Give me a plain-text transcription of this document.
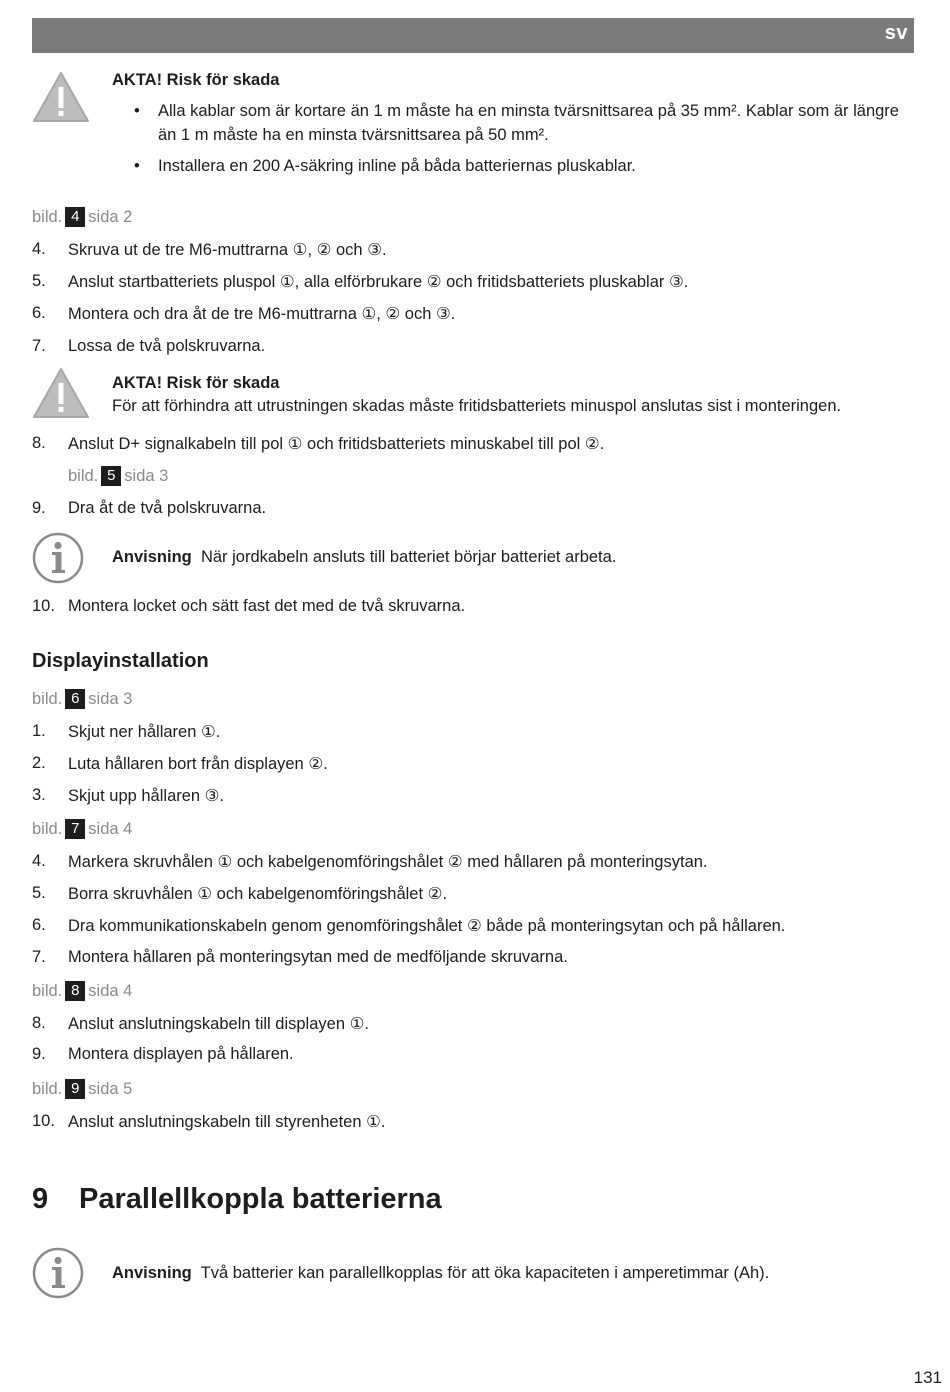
sv
AKTA! Risk för skada
• Alla kablar som är kortare än 1 m måste ha en minsta tvärsnittsarea på 35 mm². Kablar som är längre än 1 m måste ha en minsta tvärsnittsarea på 50 mm².
• Installera en 200 A-säkring inline på båda batteriernas pluskablar.
bild. 4 sida 2
4. Skruva ut de tre M6-muttrarna ①, ② och ③.
5. Anslut startbatteriets pluspol ①, alla elförbrukare ② och fritidsbatteriets pluskablar ③.
6. Montera och dra åt de tre M6-muttrarna ①, ② och ③.
7. Lossa de två polskruvarna.
AKTA! Risk för skada
För att förhindra att utrustningen skadas måste fritidsbatteriets minuspol anslutas sist i monteringen.
8. Anslut D+ signalkabeln till pol ① och fritidsbatteriets minuskabel till pol ②.
bild. 5 sida 3
9. Dra åt de två polskruvarna.
Anvisning När jordkabeln ansluts till batteriet börjar batteriet arbeta.
10. Montera locket och sätt fast det med de två skruvarna.
Displayinstallation
bild. 6 sida 3
1. Skjut ner hållaren ①.
2. Luta hållaren bort från displayen ②.
3. Skjut upp hållaren ③.
bild. 7 sida 4
4. Markera skruvhålen ① och kabelgenomföringshålet ② med hållaren på monteringsytan.
5. Borra skruvhålen ① och kabelgenomföringshålet ②.
6. Dra kommunikationskabeln genom genomföringshålet ② både på monteringsytan och på hållaren.
7. Montera hållaren på monteringsytan med de medföljande skruvarna.
bild. 8 sida 4
8. Anslut anslutningskabeln till displayen ①.
9. Montera displayen på hållaren.
bild. 9 sida 5
10. Anslut anslutningskabeln till styrenheten ①.
9 Parallellkoppla batterierna
Anvisning Två batterier kan parallellkopplas för att öka kapaciteten i amperetimmar (Ah).
131
